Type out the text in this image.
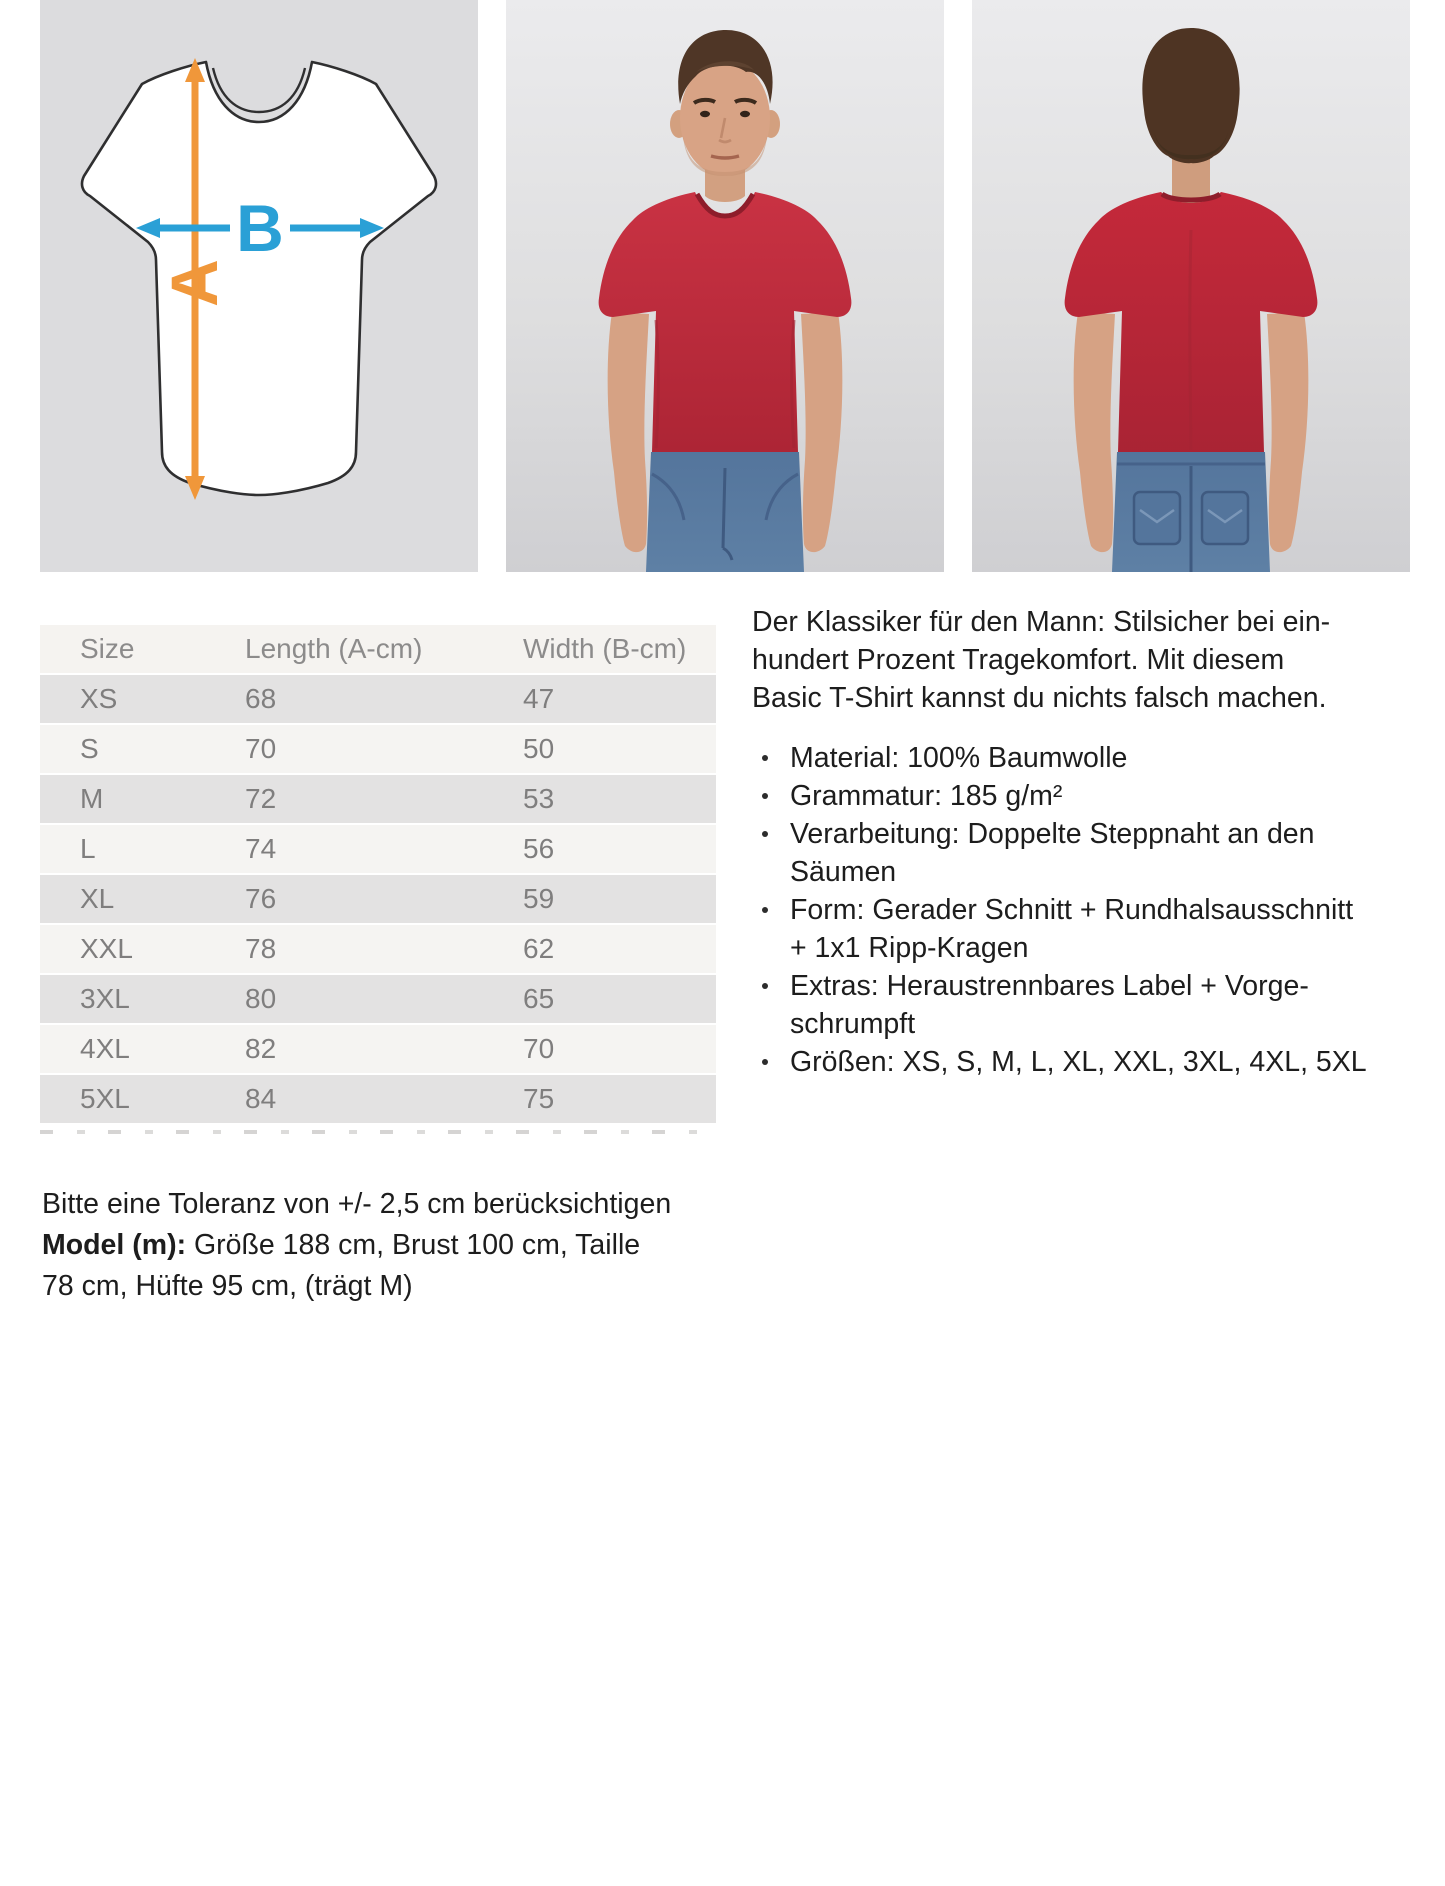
A
B
Size	Length (A-cm)	Width (B-cm)
XS	68	47
S	70	50
M	72	53
L	74	56
XL	76	59
XXL	78	62
3XL	80	65
4XL	82	70
5XL	84	75
Der Klassiker für den Mann: Stilsicher bei ein-
hundert Prozent Tragekomfort. Mit diesem
Basic T-Shirt kannst du nichts falsch machen.
Material: 100% Baumwolle
Grammatur: 185 g/m²
Verarbeitung: Doppelte Steppnaht an den
Säumen
Form: Gerader Schnitt + Rundhalsausschnitt
+ 1x1 Ripp-Kragen
Extras: Heraustrennbares Label + Vorge-
schrumpft
Größen: XS, S, M, L, XL, XXL, 3XL, 4XL, 5XL
Bitte eine Toleranz von +/- 2,5 cm berücksichtigen
Model (m): Größe 188 cm, Brust 100 cm, Taille
78 cm, Hüfte 95 cm, (trägt M)
